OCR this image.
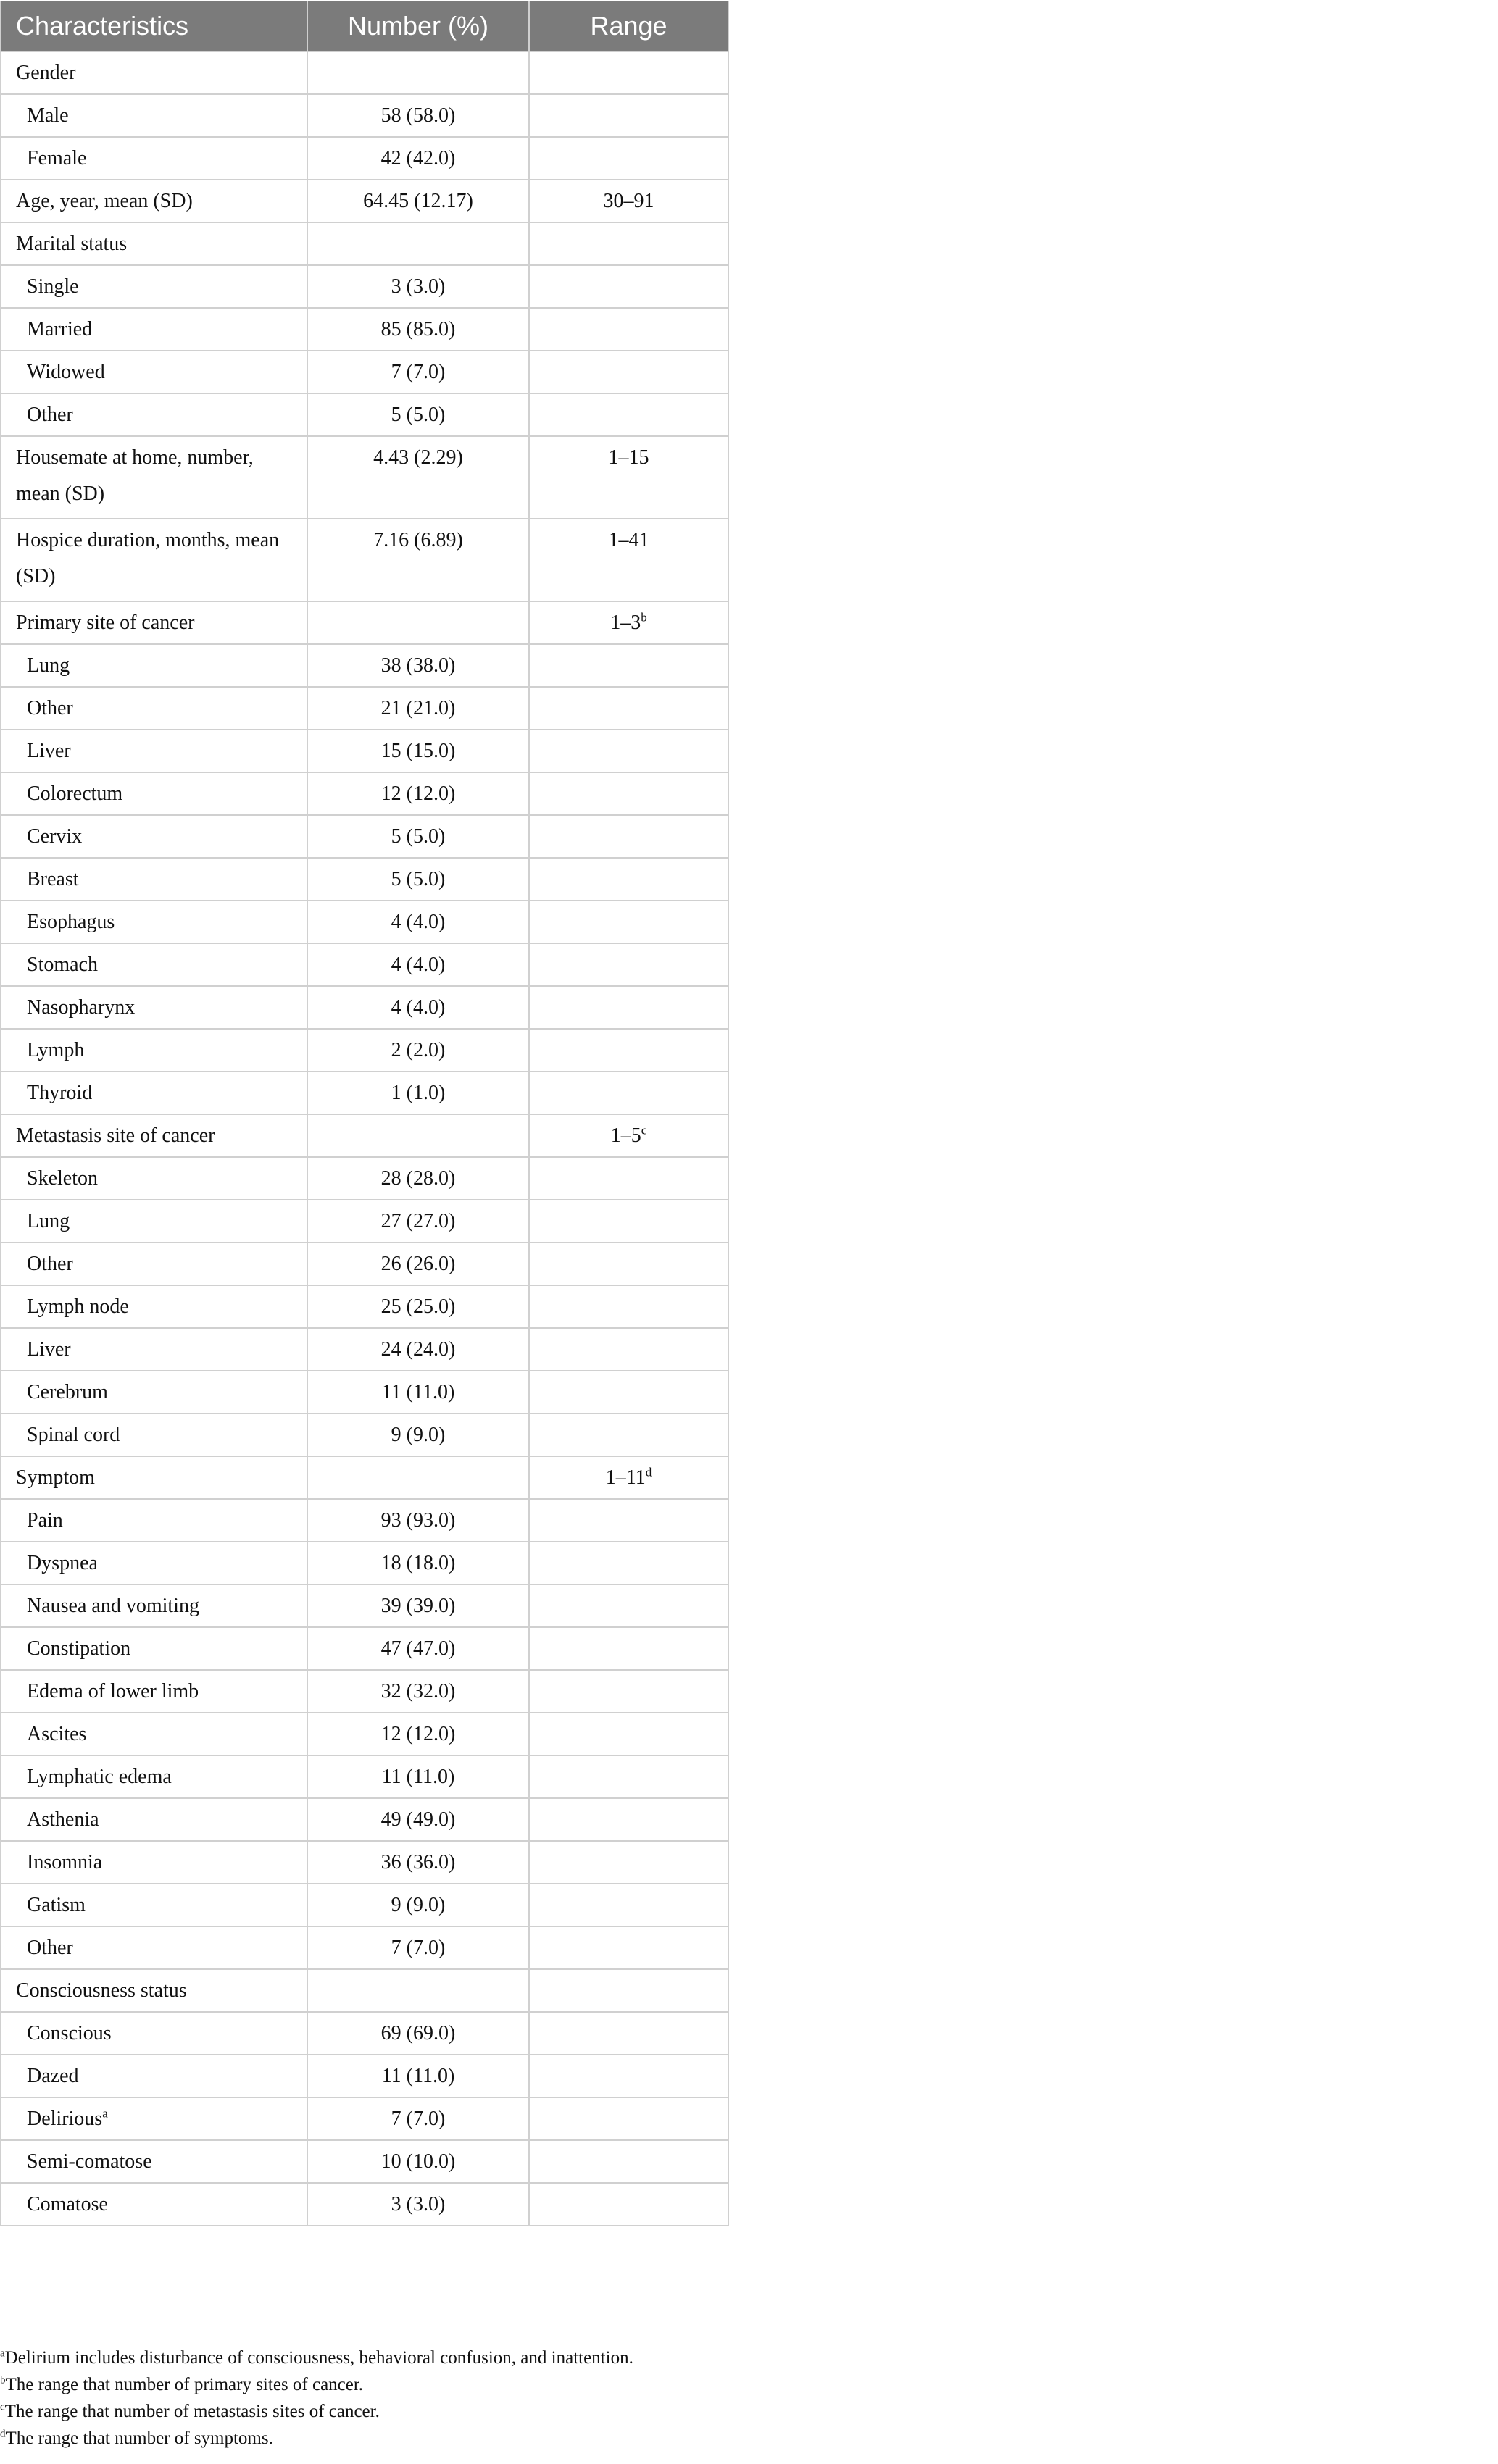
Characteristics	Number (%)	Range
Gender		
Male	58 (58.0)	
Female	42 (42.0)	
Age, year, mean (SD)	64.45 (12.17)	30–91
Marital status		
Single	3 (3.0)	
Married	85 (85.0)	
Widowed	7 (7.0)	
Other	5 (5.0)	
Housemate at home, number, mean (SD)	4.43 (2.29)	1–15
Hospice duration, months, mean (SD)	7.16 (6.89)	1–41
Primary site of cancer		1–3$^b$
Lung	38 (38.0)	
Other	21 (21.0)	
Liver	15 (15.0)	
Colorectum	12 (12.0)	
Cervix	5 (5.0)	
Breast	5 (5.0)	
Esophagus	4 (4.0)	
Stomach	4 (4.0)	
Nasopharynx	4 (4.0)	
Lymph	2 (2.0)	
Thyroid	1 (1.0)	
Metastasis site of cancer		1–5$^c$
Skeleton	28 (28.0)	
Lung	27 (27.0)	
Other	26 (26.0)	
Lymph node	25 (25.0)	
Liver	24 (24.0)	
Cerebrum	11 (11.0)	
Spinal cord	9 (9.0)	
Symptom		1–11$^d$
Pain	93 (93.0)	
Dyspnea	18 (18.0)	
Nausea and vomiting	39 (39.0)	
Constipation	47 (47.0)	
Edema of lower limb	32 (32.0)	
Ascites	12 (12.0)	
Lymphatic edema	11 (11.0)	
Asthenia	49 (49.0)	
Insomnia	36 (36.0)	
Gatism	9 (9.0)	
Other	7 (7.0)	
Consciousness status		
Conscious	69 (69.0)	
Dazed	11 (11.0)	
Delirious$^a$	7 (7.0)	
Semi-comatose	10 (10.0)	
Comatose	3 (3.0)	

$^a$Delirium includes disturbance of consciousness, behavioral confusion, and inattention.

$^b$The range that number of primary sites of cancer.

$^c$The range that number of metastasis sites of cancer.

$^d$The range that number of symptoms.
